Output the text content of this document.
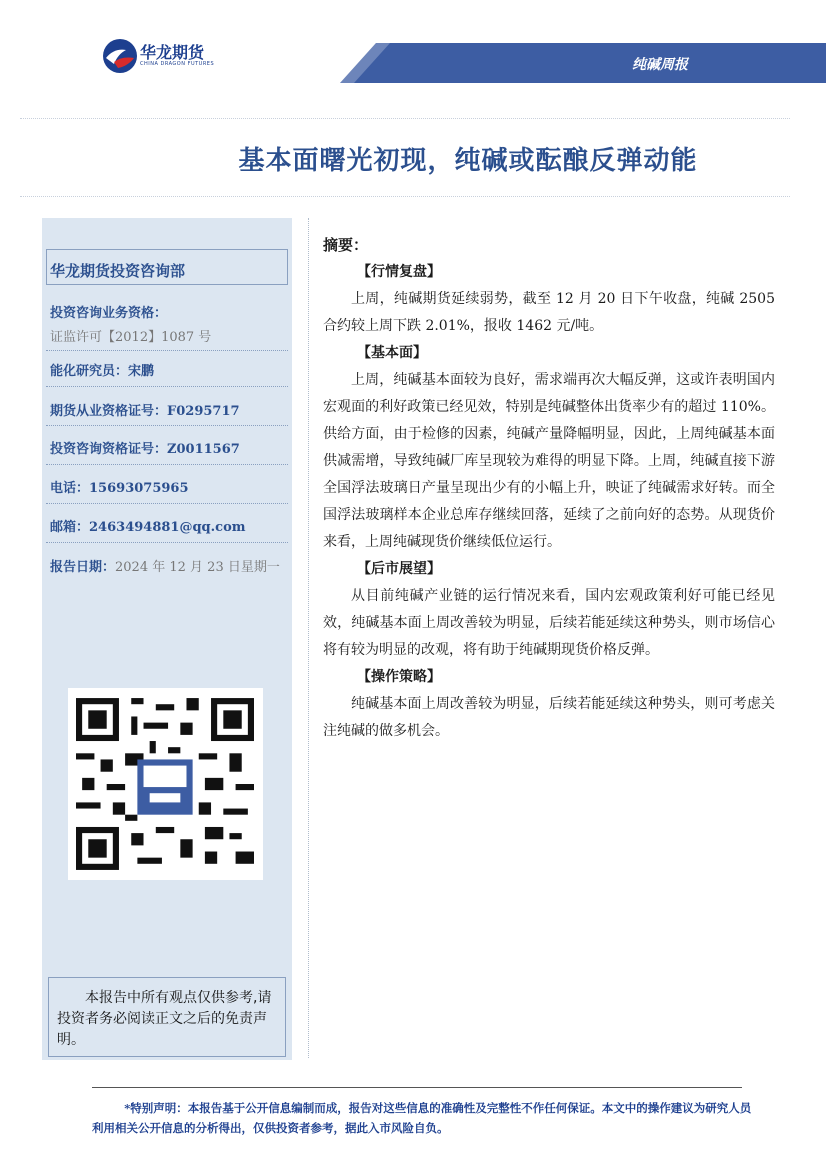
华龙期货
CHINA DRAGON FUTURES	纯碱周报
基本面曙光初现，纯碱或酝酿反弹动能
华龙期货投资咨询部
投资咨询业务资格：
证监许可【2012】1087 号
能化研究员：宋鹏
期货从业资格证号：F0295717
投资咨询资格证号：Z0011567
电话：15693075965
邮箱：2463494881@qq.com
报告日期：2024 年 12 月 23 日星期一
本报告中所有观点仅供参考,请投资者务必阅读正文之后的免责声明。
摘要：
【行情复盘】

上周，纯碱期货延续弱势，截至 12 月 20 日下午收盘，纯碱 2505 合约较上周下跌 2.01%，报收 1462 元/吨。

【基本面】

上周，纯碱基本面较为良好，需求端再次大幅反弹，这或许表明国内宏观面的利好政策已经见效，特别是纯碱整体出货率少有的超过 110%。供给方面，由于检修的因素，纯碱产量降幅明显，因此，上周纯碱基本面供减需增，导致纯碱厂库呈现较为难得的明显下降。上周，纯碱直接下游全国浮法玻璃日产量呈现出少有的小幅上升，映证了纯碱需求好转。而全国浮法玻璃样本企业总库存继续回落，延续了之前向好的态势。从现货价来看，上周纯碱现货价继续低位运行。

【后市展望】

从目前纯碱产业链的运行情况来看，国内宏观政策利好可能已经见效，纯碱基本面上周改善较为明显，后续若能延续这种势头，则市场信心将有较为明显的改观，将有助于纯碱期现货价格反弹。

【操作策略】

纯碱基本面上周改善较为明显，后续若能延续这种势头，则可考虑关注纯碱的做多机会。

*特别声明：本报告基于公开信息编制而成，报告对这些信息的准确性及完整性不作任何保证。本文中的操作建议为研究人员利用相关公开信息的分析得出，仅供投资者参考，据此入市风险自负。
